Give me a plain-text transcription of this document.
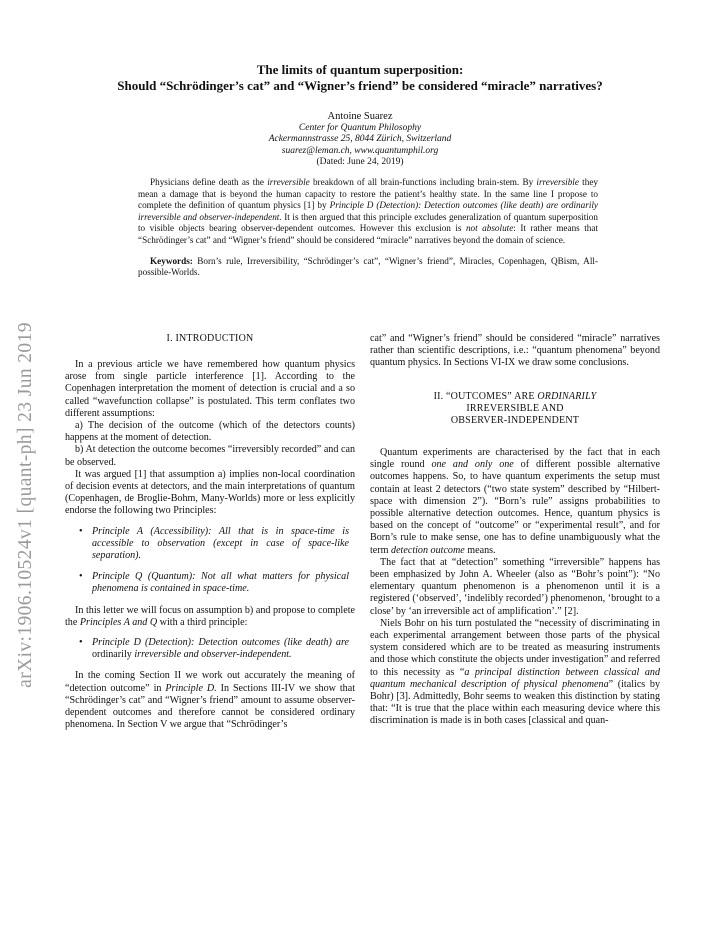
arXiv:1906.10524v1 [quant-ph] 23 Jun 2019
The limits of quantum superposition:
Should “Schrödinger’s cat” and “Wigner’s friend” be considered “miracle” narratives?
Antoine Suarez
Center for Quantum Philosophy
Ackermannstrasse 25, 8044 Zürich, Switzerland
suarez@leman.ch, www.quantumphil.org
(Dated: June 24, 2019)

Physicians define death as the irreversible breakdown of all brain-functions including brain-stem. By irreversible they mean a damage that is beyond the human capacity to restore the patient’s healthy state. In the same line I propose to complete the definition of quantum physics [1] by Principle D (Detection): Detection outcomes (like death) are ordinarily irreversible and observer-independent. It is then argued that this principle excludes generalization of quantum superposition to visible objects bearing observer-dependent outcomes. However this exclusion is not absolute: It rather means that “Schrödinger’s cat” and “Wigner’s friend” should be considered “miracle” narratives beyond the domain of science.

Keywords: Born’s rule, Irreversibility, “Schrödinger’s cat”, “Wigner’s friend”, Miracles, Copenhagen, QBism, All-possible-Worlds.

I. INTRODUCTION

In a previous article we have remembered how quantum physics arose from single particle interference [1]. According to the Copenhagen interpretation the moment of detection is crucial and a so called “wavefunction collapse” is postulated. This term conflates two different assumptions:

a) The decision of the outcome (which of the detectors counts) happens at the moment of detection.

b) At detection the outcome becomes “irreversibly recorded” and can be observed.

It was argued [1] that assumption a) implies non-local coordination of decision events at detectors, and the main interpretations of quantum (Copenhagen, de Broglie-Bohm, Many-Worlds) more or less explicitly endorse the following two Principles:

• Principle A (Accessibility): All that is in space-time is accessible to observation (except in case of space-like separation).
• Principle Q (Quantum): Not all what matters for physical phenomena is contained in space-time.

In this letter we will focus on assumption b) and propose to complete the Principles A and Q with a third principle:

• Principle D (Detection): Detection outcomes (like death) are ordinarily irreversible and observer-independent.

In the coming Section II we work out accurately the meaning of “detection outcome” in Principle D. In Sections III-IV we show that “Schrödinger’s cat” and “Wigner’s friend” amount to assume observer-dependent outcomes and therefore cannot be considered ordinary phenomena. In Section V we argue that “Schrödinger’s

II. “OUTCOMES” ARE ORDINARILY
IRREVERSIBLE AND
OBSERVER-INDEPENDENT

Quantum experiments are characterised by the fact that in each single round one and only one of different possible alternative outcomes happens. So, to have quantum experiments the setup must contain at least 2 detectors (“two state system” described by “Hilbert-space with dimension 2”). “Born’s rule” assigns probabilities to possible alternative detection outcomes. Hence, quantum physics is based on the concept of “outcome” or “experimental result”, and for Born’s rule to make sense, one has to define unambiguously what the term detection outcome means.

The fact that at “detection” something “irreversible” happens has been emphasized by John A. Wheeler (also as “Bohr’s point”): “No elementary quantum phenomenon is a phenomenon until it is a registered (‘observed’, ‘indelibly recorded’) phenomenon, ‘brought to a close’ by ‘an irreversible act of amplification’.” [2].

Niels Bohr on his turn postulated the “necessity of discriminating in each experimental arrangement between those parts of the physical system considered which are to be treated as measuring instruments and those which constitute the objects under investigation” and referred to this necessity as “a principal distinction between classical and quantum mechanical description of physical phenomena” (italics by Bohr) [3]. Admittedly, Bohr seems to weaken this distinction by stating that: “It is true that the place within each measuring device where this discrimination is made is in both cases [classical and quan-

cat” and “Wigner’s friend” should be considered “miracle” narratives rather than scientific descriptions, i.e.: “quantum phenomena” beyond quantum physics. In Sections VI-IX we draw some conclusions.
